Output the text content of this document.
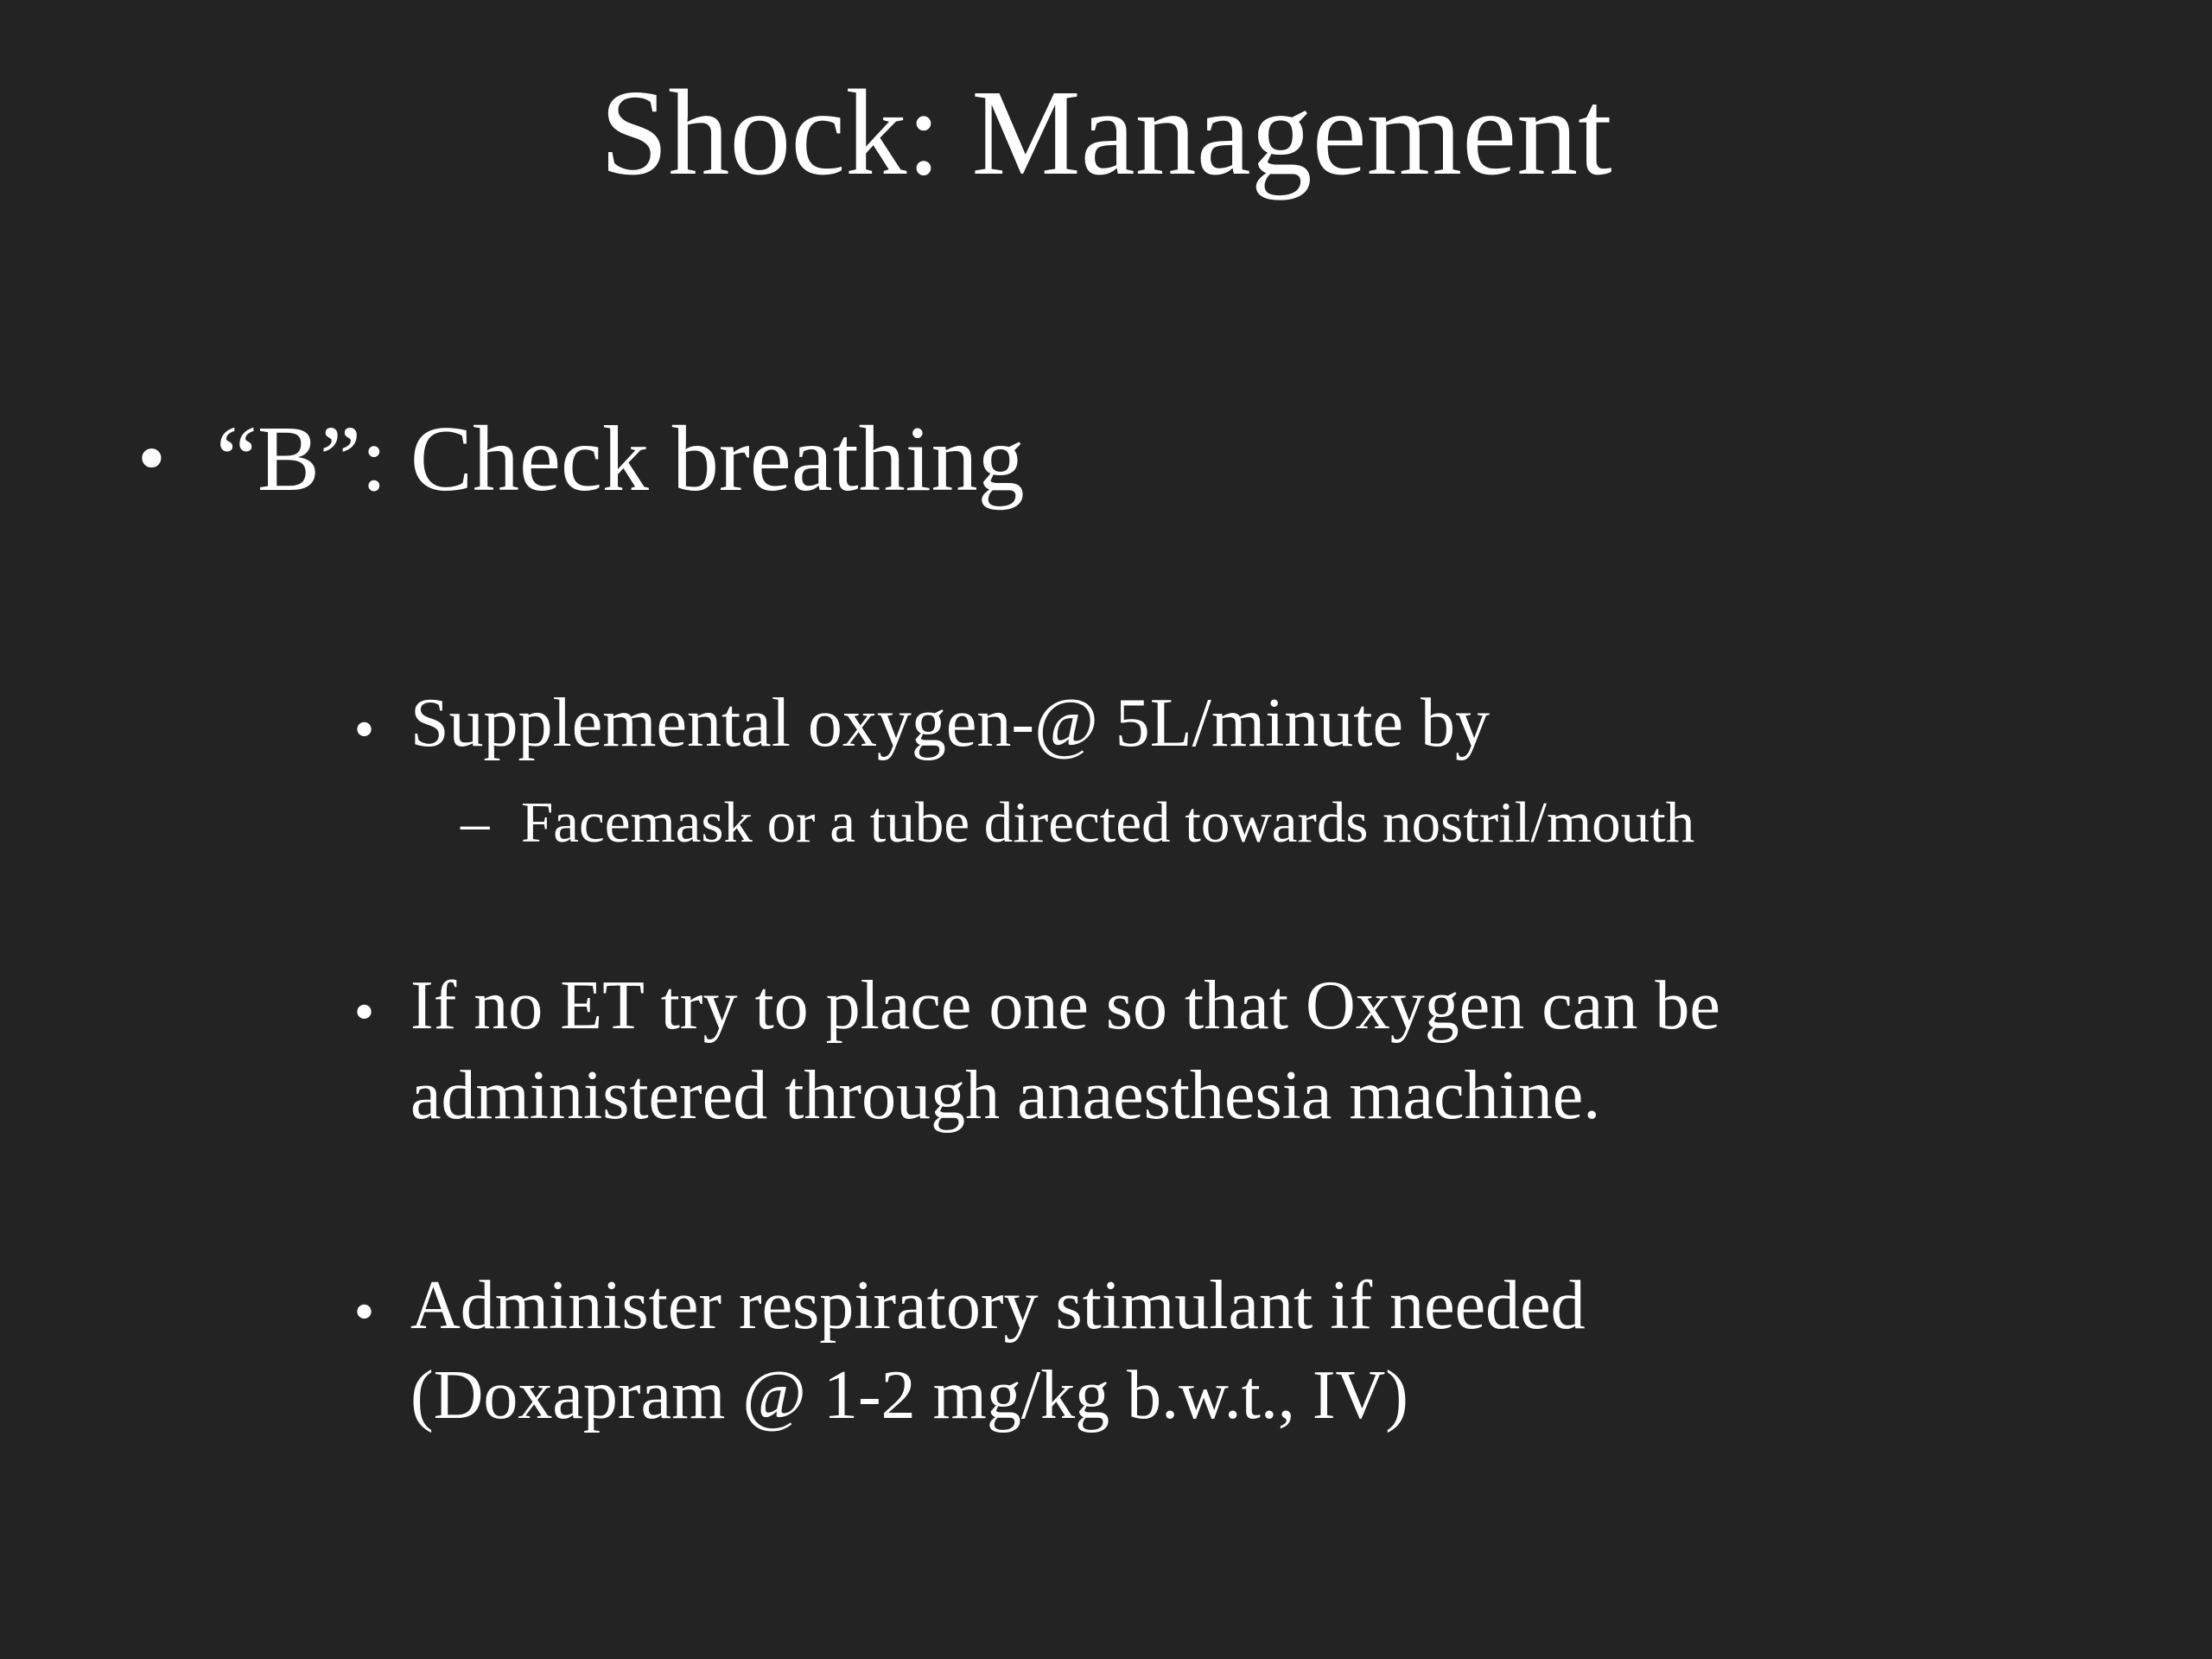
Shock: Management
• “B”: Check breathing
• Supplemental oxygen-@ 5L/minute by
– Facemask or a tube directed towards nostril/mouth
• If no ET try to place one so that Oxygen can be
administered through anaesthesia machine.
• Administer respiratory stimulant if needed
(Doxapram @ 1-2 mg/kg b.w.t., IV)
